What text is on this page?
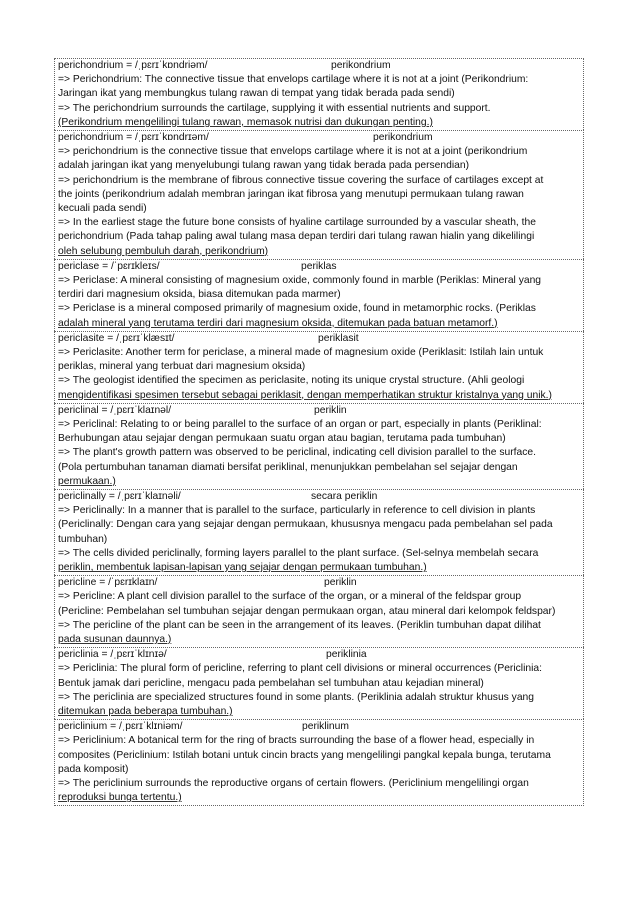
perichondrium = /ˌpɛrɪˈkɒndriəm/	perikondrium
=> Perichondrium: The connective tissue that envelops cartilage where it is not at a joint (Perikondrium:
Jaringan ikat yang membungkus tulang rawan di tempat yang tidak berada pada sendi)
=> The perichondrium surrounds the cartilage, supplying it with essential nutrients and support.
(Perikondrium mengelilingi tulang rawan, memasok nutrisi dan dukungan penting.)
perichondrium = /ˌpɛrɪˈkɒndrɪəm/	perikondrium
=> perichondrium is the connective tissue that envelops cartilage where it is not at a joint (perikondrium
adalah jaringan ikat yang menyelubungi tulang rawan yang tidak berada pada persendian)
=> perichondrium is the membrane of fibrous connective tissue covering the surface of cartilages except at
the joints (perikondrium adalah membran jaringan ikat fibrosa yang menutupi permukaan tulang rawan
kecuali pada sendi)
=> In the earliest stage the future bone consists of hyaline cartilage surrounded by a vascular sheath, the
perichondrium (Pada tahap paling awal tulang masa depan terdiri dari tulang rawan hialin yang dikelilingi
oleh selubung pembuluh darah, perikondrium)
periclase = /ˈpɛrɪkleɪs/	periklas
=> Periclase: A mineral consisting of magnesium oxide, commonly found in marble (Periklas: Mineral yang
terdiri dari magnesium oksida, biasa ditemukan pada marmer)
=> Periclase is a mineral composed primarily of magnesium oxide, found in metamorphic rocks. (Periklas
adalah mineral yang terutama terdiri dari magnesium oksida, ditemukan pada batuan metamorf.)
periclasite = /ˌpɛrɪˈklæsɪt/	periklasit
=> Periclasite: Another term for periclase, a mineral made of magnesium oxide (Periklasit: Istilah lain untuk
periklas, mineral yang terbuat dari magnesium oksida)
=> The geologist identified the specimen as periclasite, noting its unique crystal structure. (Ahli geologi
mengidentifikasi spesimen tersebut sebagai periklasit, dengan memperhatikan struktur kristalnya yang unik.)
periclinal = /ˌpɛrɪˈklaɪnəl/	periklin
=> Periclinal: Relating to or being parallel to the surface of an organ or part, especially in plants (Periklinal:
Berhubungan atau sejajar dengan permukaan suatu organ atau bagian, terutama pada tumbuhan)
=> The plant's growth pattern was observed to be periclinal, indicating cell division parallel to the surface.
(Pola pertumbuhan tanaman diamati bersifat periklinal, menunjukkan pembelahan sel sejajar dengan
permukaan.)
periclinally = /ˌpɛrɪˈklaɪnəli/	secara periklin
=> Periclinally: In a manner that is parallel to the surface, particularly in reference to cell division in plants
(Periclinally: Dengan cara yang sejajar dengan permukaan, khususnya mengacu pada pembelahan sel pada
tumbuhan)
=> The cells divided periclinally, forming layers parallel to the plant surface. (Sel-selnya membelah secara
periklin, membentuk lapisan-lapisan yang sejajar dengan permukaan tumbuhan.)
pericline = /ˈpɛrɪklaɪn/	periklin
=> Pericline: A plant cell division parallel to the surface of the organ, or a mineral of the feldspar group
(Pericline: Pembelahan sel tumbuhan sejajar dengan permukaan organ, atau mineral dari kelompok feldspar)
=> The pericline of the plant can be seen in the arrangement of its leaves. (Periklin tumbuhan dapat dilihat
pada susunan daunnya.)
periclinia = /ˌpɛrɪˈklɪnɪə/	periklinia
=> Periclinia: The plural form of pericline, referring to plant cell divisions or mineral occurrences (Periclinia:
Bentuk jamak dari pericline, mengacu pada pembelahan sel tumbuhan atau kejadian mineral)
=> The periclinia are specialized structures found in some plants. (Periklinia adalah struktur khusus yang
ditemukan pada beberapa tumbuhan.)
periclinium = /ˌpɛrɪˈklɪniəm/	periklinum
=> Periclinium: A botanical term for the ring of bracts surrounding the base of a flower head, especially in
composites (Periclinium: Istilah botani untuk cincin bracts yang mengelilingi pangkal kepala bunga, terutama
pada komposit)
=> The periclinium surrounds the reproductive organs of certain flowers. (Periclinium mengelilingi organ
reproduksi bunga tertentu.)
